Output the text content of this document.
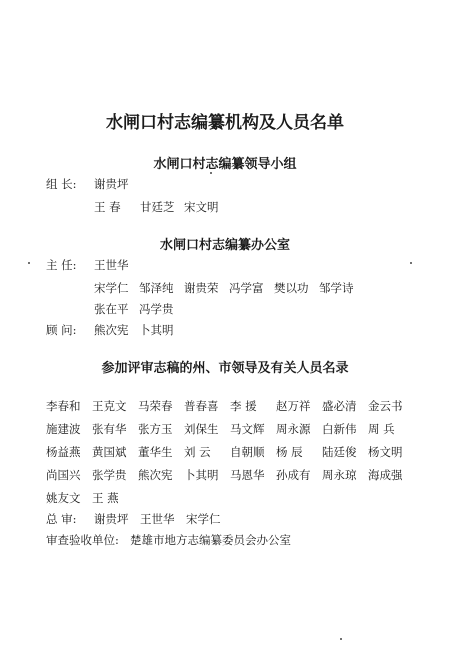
水闸口村志编纂机构及人员名单
水闸口村志编纂领导小组
组 长: 谢贵坪
王 春 甘廷芝 宋文明
水闸口村志编纂办公室
主 任: 王世华
宋学仁 邹泽纯 谢贵荣 冯学富 樊以功 邹学诗
张在平 冯学贵
顾 问: 熊次宪 卜其明
参加评审志稿的州、市领导及有关人员名录
李春和	王克文	马荣春	普春喜	李 援	赵万祥	盛必清	金云书
施建波	张有华	张方玉	刘保生	马文辉	周永源	白新伟	周 兵
杨益燕	黄国斌	董华生	刘 云	自朝顺	杨 辰	陆廷俊	杨文明
尚国兴	张学贵	熊次宪	卜其明	马恩华	孙成有	周永琼	海成强
姚友文	王 燕
总 审: 谢贵坪 王世华 宋学仁
审查验收单位: 楚雄市地方志编纂委员会办公室
